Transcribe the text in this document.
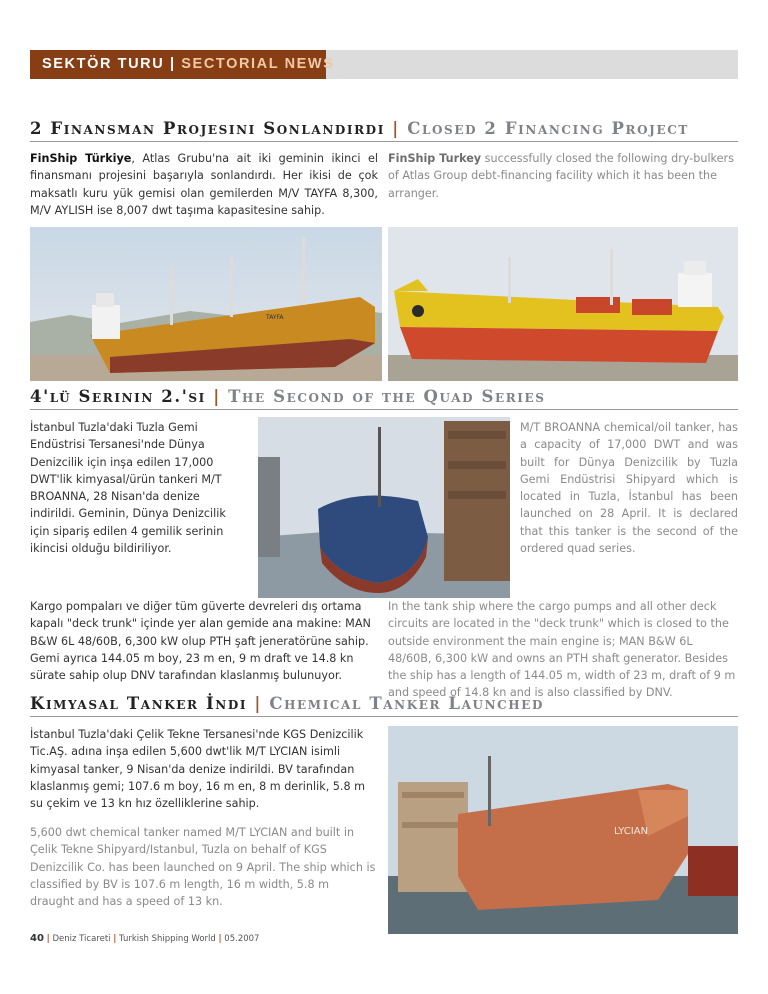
SEKTÖR TURU | SECTORIAL NEWS
2 Finansman Projesini Sonlandırdı | Closed 2 Financing Project
FinShip Türkiye, Atlas Grubu'na ait iki geminin ikinci el finansmanı projesini başarıyla sonlandırdı. Her ikisi de çok maksatlı kuru yük gemisi olan gemilerden M/V TAYFA 8,300, M/V AYLISH ise 8,007 dwt taşıma kapasitesine sahip.
FinShip Turkey successfully closed the following dry-bulkers of Atlas Group debt-financing facility which it has been the arranger.
TAYFA
4'lü Serinin 2.'si | The Second of the Quad Series
İstanbul Tuzla'daki Tuzla Gemi Endüstrisi Tersanesi'nde Dünya Denizcilik için inşa edilen 17,000 DWT'lik kimyasal/ürün tankeri M/T BROANNA, 28 Nisan'da denize indirildi. Geminin, Dünya Denizcilik için sipariş edilen 4 gemilik serinin ikincisi olduğu bildiriliyor.
M/T BROANNA chemical/oil tanker, has a capacity of 17,000 DWT and was built for Dünya Denizcilik by Tuzla Gemi Endüstrisi Shipyard which is located in Tuzla, İstanbul has been launched on 28 April. It is declared that this tanker is the second of the ordered quad series.
Kargo pompaları ve diğer tüm güverte devreleri dış ortama kapalı "deck trunk" içinde yer alan gemide ana makine: MAN B&W 6L 48/60B, 6,300 kW olup PTH şaft jeneratörüne sahip. Gemi ayrıca 144.05 m boy, 23 m en, 9 m draft ve 14.8 kn sürate sahip olup DNV tarafından klaslanmış bulunuyor.
In the tank ship where the cargo pumps and all other deck circuits are located in the "deck trunk" which is closed to the outside environment the main engine is; MAN B&W 6L 48/60B, 6,300 kW and owns an PTH shaft generator. Besides the ship has a length of 144.05 m, width of 23 m, draft of 9 m and speed of 14.8 kn and is also classified by DNV.
Kimyasal Tanker İndi | Chemical Tanker Launched
İstanbul Tuzla'daki Çelik Tekne Tersanesi'nde KGS Denizcilik Tic.AŞ. adına inşa edilen 5,600 dwt'lik M/T LYCIAN isimli kimyasal tanker, 9 Nisan'da denize indirildi. BV tarafından klaslanmış gemi; 107.6 m boy, 16 m en, 8 m derinlik, 5.8 m su çekim ve 13 kn hız özelliklerine sahip.
5,600 dwt chemical tanker named M/T LYCIAN and built in Çelik Tekne Shipyard/Istanbul, Tuzla on behalf of KGS Denizcilik Co. has been launched on 9 April. The ship which is classified by BV is 107.6 m length, 16 m width, 5.8 m draught and has a speed of 13 kn.
LYCIAN
40 | Deniz Ticareti | Turkish Shipping World | 05.2007
